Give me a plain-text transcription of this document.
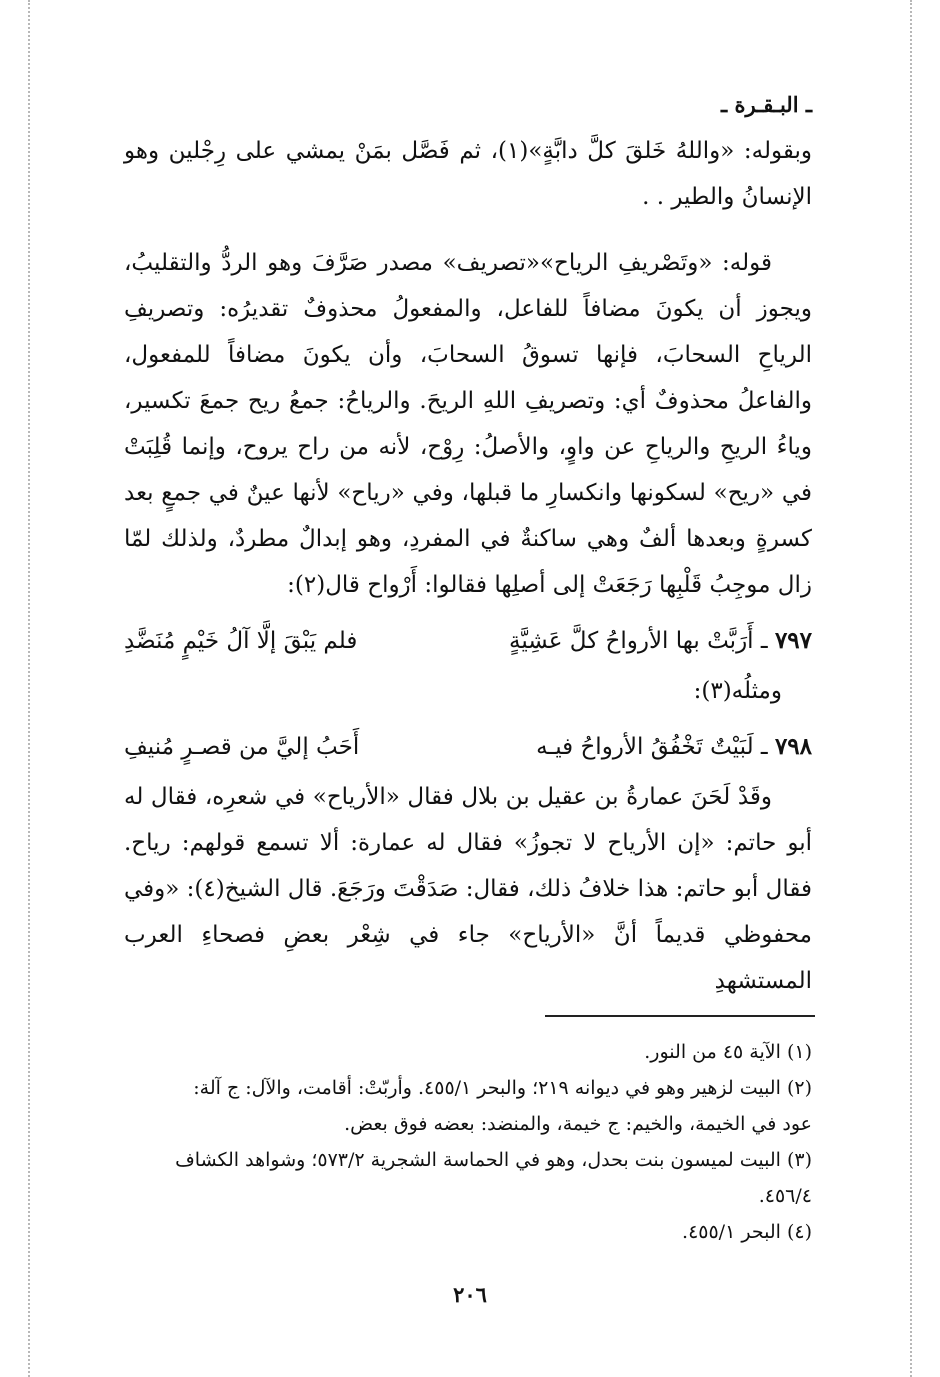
ـ البـقـرة ـ

وبقوله: «واللهُ خَلقَ كلَّ دابَّةٍ»(١)، ثم فَصَّل بمَنْ يمشي على رِجْلين وهو الإنسانُ والطير . .

قوله: «وتَصْريفِ الرياح»«تصريف» مصدر صَرَّفَ وهو الردُّ والتقليبُ، ويجوز أن يكونَ مضافاً للفاعل، والمفعولُ محذوفٌ تقديرُه: وتصريفِ الرياحِ السحابَ، فإنها تسوقُ السحابَ، وأن يكونَ مضافاً للمفعول، والفاعلُ محذوفٌ أي: وتصريفِ اللهِ الريحَ. والرياحُ: جمعُ ريح جمعَ تكسير، وياءُ الريحِ والرياحِ عن واوٍ، والأصلُ: رِوْح، لأنه من راح يروح، وإنما قُلِبَتْ في «ريح» لسكونها وانكسارِ ما قبلها، وفي «رياح» لأنها عينٌ في جمعٍ بعد كسرةٍ وبعدها ألفٌ وهي ساكنةٌ في المفردِ، وهو إبدالٌ مطردٌ، ولذلك لمّا زال موجِبُ قَلْبِها رَجَعَتْ إلى أصلِها فقالوا: أَرْواح قال(٢):

٧٩٧ ـ أَرَبَّتْ بها الأرواحُ كلَّ عَشِيَّةٍ
فلم يَبْقَ إلَّا آلُ خَيْمٍ مُنَضَّدِ

ومثلُه(٣):

٧٩٨ ـ لَبَيْتٌ تَخْفُقُ الأرواحُ فيـه
أَحَبُ إليَّ من قصـرٍ مُنيفِ

وقَدْ لَحَنَ عمارةُ بن عقيل بن بلال فقال «الأرياح» في شعرِه، فقال له أبو حاتم: «إن الأرياح لا تجوزُ» فقال له عمارة: ألا تسمع قولهم: رياح. فقال أبو حاتم: هذا خلافُ ذلك، فقال: صَدَقْتَ ورَجَعَ. قال الشيخ(٤): «وفي محفوظي قديماً أنَّ «الأرياح» جاء في شِعْر بعضِ فصحاءِ العرب المستشهدِ

(١) الآية ٤٥ من النور.

(٢) البيت لزهير وهو في ديوانه ٢١٩؛ والبحر ٤٥٥/١. وأربّتْ: أقامت، والآل: ج آلة:

عود في الخيمة، والخيم: ج خيمة، والمنضد: بعضه فوق بعض.

(٣) البيت لميسون بنت بحدل، وهو في الحماسة الشجرية ٥٧٣/٢؛ وشواهد الكشاف

٤٥٦/٤.

(٤) البحر ٤٥٥/١.

٢٠٦
